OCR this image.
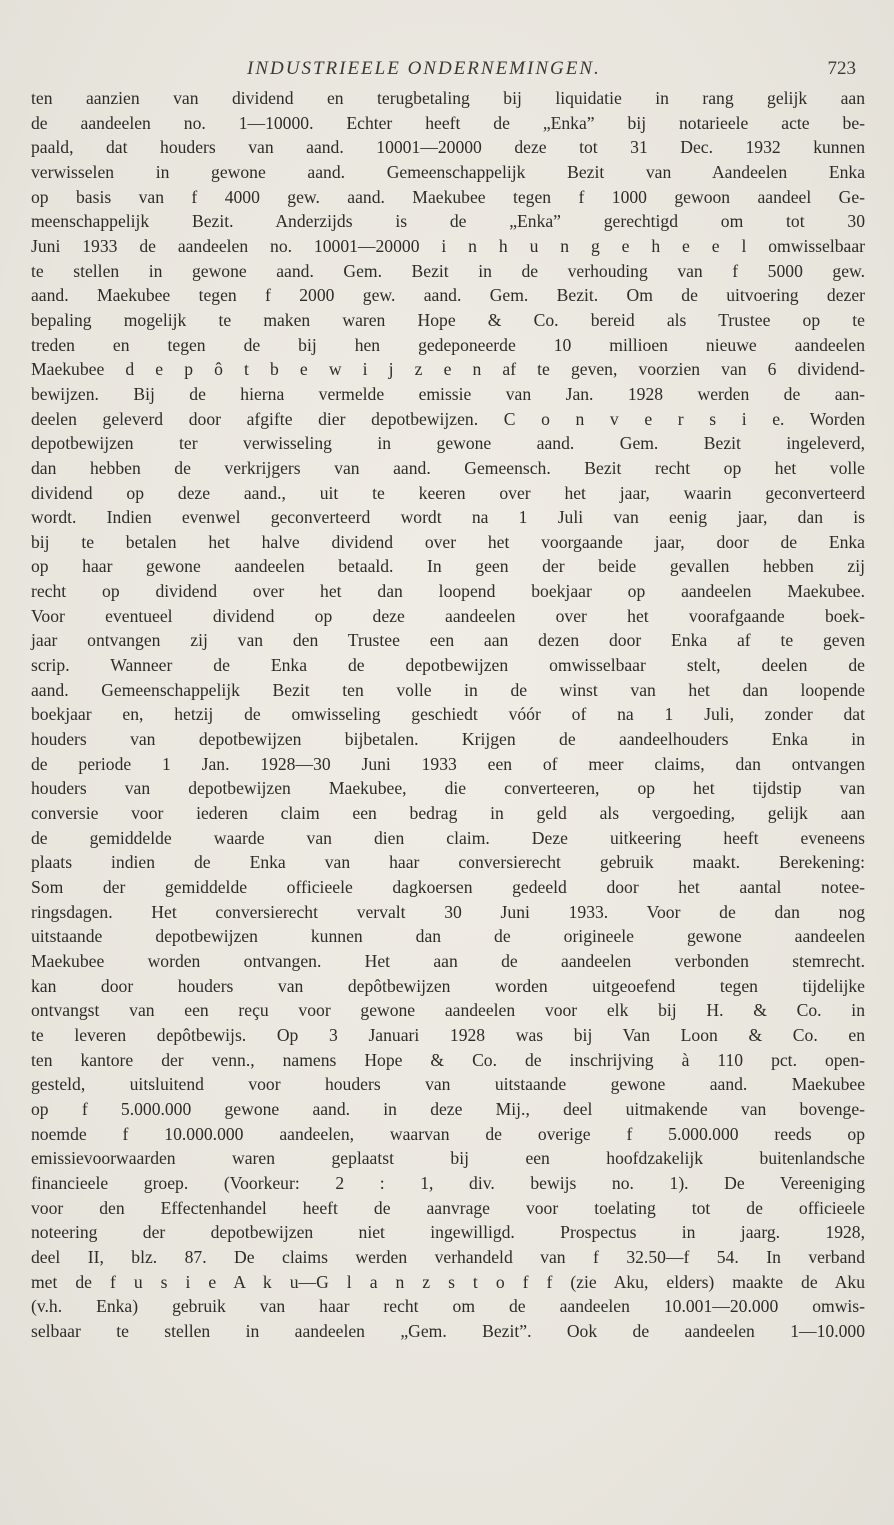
INDUSTRIEELE ONDERNEMINGEN.	723
ten aanzien van dividend en terugbetaling bij liquidatie in rang gelijk aan
de aandeelen no. 1—10000. Echter heeft de „Enka” bij notarieele acte be-
paald, dat houders van aand. 10001—20000 deze tot 31 Dec. 1932 kunnen
verwisselen in gewone aand. Gemeenschappelijk Bezit van Aandeelen Enka
op basis van f 4000 gew. aand. Maekubee tegen f 1000 gewoon aandeel Ge-
meenschappelijk Bezit. Anderzijds is de „Enka” gerechtigd om tot 30
Juni 1933 de aandeelen no. 10001—20000 i n h u n g e h e e l omwisselbaar
te stellen in gewone aand. Gem. Bezit in de verhouding van f 5000 gew.
aand. Maekubee tegen f 2000 gew. aand. Gem. Bezit. Om de uitvoering dezer
bepaling mogelijk te maken waren Hope & Co. bereid als Trustee op te
treden en tegen de bij hen gedeponeerde 10 millioen nieuwe aandeelen
Maekubee d e p ô t b e w i j z e n af te geven, voorzien van 6 dividend-
bewijzen. Bij de hierna vermelde emissie van Jan. 1928 werden de aan-
deelen geleverd door afgifte dier depotbewijzen. C o n v e r s i e. Worden
depotbewijzen ter verwisseling in gewone aand. Gem. Bezit ingeleverd,
dan hebben de verkrijgers van aand. Gemeensch. Bezit recht op het volle
dividend op deze aand., uit te keeren over het jaar, waarin geconverteerd
wordt. Indien evenwel geconverteerd wordt na 1 Juli van eenig jaar, dan is
bij te betalen het halve dividend over het voorgaande jaar, door de Enka
op haar gewone aandeelen betaald. In geen der beide gevallen hebben zij
recht op dividend over het dan loopend boekjaar op aandeelen Maekubee.
Voor eventueel dividend op deze aandeelen over het voorafgaande boek-
jaar ontvangen zij van den Trustee een aan dezen door Enka af te geven
scrip. Wanneer de Enka de depotbewijzen omwisselbaar stelt, deelen de
aand. Gemeenschappelijk Bezit ten volle in de winst van het dan loopende
boekjaar en, hetzij de omwisseling geschiedt vóór of na 1 Juli, zonder dat
houders van depotbewijzen bijbetalen. Krijgen de aandeelhouders Enka in
de periode 1 Jan. 1928—30 Juni 1933 een of meer claims, dan ontvangen
houders van depotbewijzen Maekubee, die converteeren, op het tijdstip van
conversie voor iederen claim een bedrag in geld als vergoeding, gelijk aan
de gemiddelde waarde van dien claim. Deze uitkeering heeft eveneens
plaats indien de Enka van haar conversierecht gebruik maakt. Berekening:
Som der gemiddelde officieele dagkoersen gedeeld door het aantal notee-
ringsdagen. Het conversierecht vervalt 30 Juni 1933. Voor de dan nog
uitstaande depotbewijzen kunnen dan de origineele gewone aandeelen
Maekubee worden ontvangen. Het aan de aandeelen verbonden stemrecht.
kan door houders van depôtbewijzen worden uitgeoefend tegen tijdelijke
ontvangst van een reçu voor gewone aandeelen voor elk bij H. & Co. in
te leveren depôtbewijs. Op 3 Januari 1928 was bij Van Loon & Co. en
ten kantore der venn., namens Hope & Co. de inschrijving à 110 pct. open-
gesteld, uitsluitend voor houders van uitstaande gewone aand. Maekubee
op f 5.000.000 gewone aand. in deze Mij., deel uitmakende van bovenge-
noemde f 10.000.000 aandeelen, waarvan de overige f 5.000.000 reeds op
emissievoorwaarden waren geplaatst bij een hoofdzakelijk buitenlandsche
financieele groep. (Voorkeur: 2 : 1, div. bewijs no. 1). De Vereeniging
voor den Effectenhandel heeft de aanvrage voor toelating tot de officieele
noteering der depotbewijzen niet ingewilligd. Prospectus in jaarg. 1928,
deel II, blz. 87. De claims werden verhandeld van f 32.50—f 54. In verband
met de f u s i e A k u—G l a n z s t o f f (zie Aku, elders) maakte de Aku
(v.h. Enka) gebruik van haar recht om de aandeelen 10.001—20.000 omwis-
selbaar te stellen in aandeelen „Gem. Bezit”. Ook de aandeelen 1—10.000
